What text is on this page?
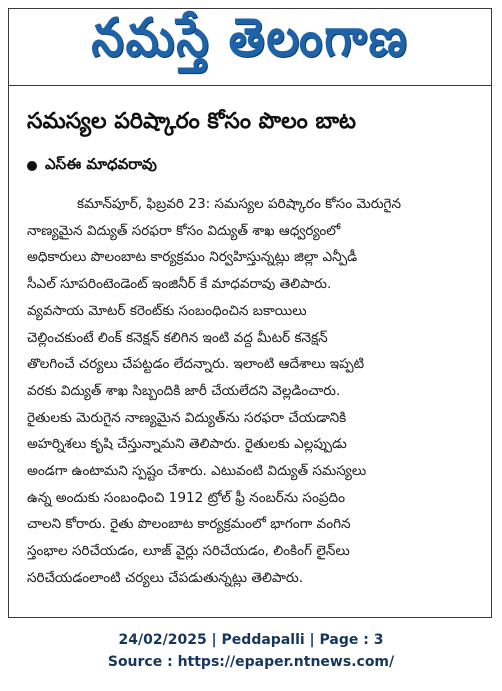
నమస్తే తెలంగాణ
సమస్యల పరిష్కారం కోసం పొలం బాట
ఎస్ఈ మాధవరావు
కమాన్‌పూర్, ఫిబ్రవరి 23: సమస్యల పరిష్కారం కోసం మెరుగైన
నాణ్యమైన విద్యుత్ సరఫరా కోసం విద్యుత్ శాఖ ఆధ్వర్యంలో
అధికారులు పొలంబాట కార్యక్రమం నిర్వహిస్తున్నట్లు జిల్లా ఎన్పీడీ
సీఎల్ సూపరింటెండెంట్ ఇంజినీర్ కే మాధవరావు తెలిపారు.
వ్యవసాయ మోటర్ కరెంట్‌కు సంబంధించిన బకాయిలు
చెల్లించకుంటే లింక్ కనెక్షన్ కలిగిన ఇంటి వద్ద మీటర్ కనెక్షన్
తొలగించే చర్యలు చేపట్టడం లేదన్నారు. ఇలాంటి ఆదేశాలు ఇప్పటి
వరకు విద్యుత్ శాఖ సిబ్బందికి జారీ చేయలేదని వెల్లడించారు.
రైతులకు మెరుగైన నాణ్యమైన విద్యుత్‌ను సరఫరా చేయడానికి
అహర్నిశలు కృషి చేస్తున్నామని తెలిపారు. రైతులకు ఎల్లప్పుడు
అండగా ఉంటామని స్పష్టం చేశారు. ఎటువంటి విద్యుత్ సమస్యలు
ఉన్న అందుకు సంబంధించి 1912 ట్రోల్ ఫ్రీ నంబర్‌ను సంప్రదిం
చాలని కోరారు. రైతు పొలంబాట కార్యక్రమంలో భాగంగా వంగిన
స్తంభాల సరిచేయడం, లూజ్ వైర్లు సరిచేయడం, లింకింగ్ లైన్‌లు
సరిచేయడంలాంటి చర్యలు చేపడుతున్నట్లు తెలిపారు.
24/02/2025 | Peddapalli | Page : 3
Source : https://epaper.ntnews.com/
